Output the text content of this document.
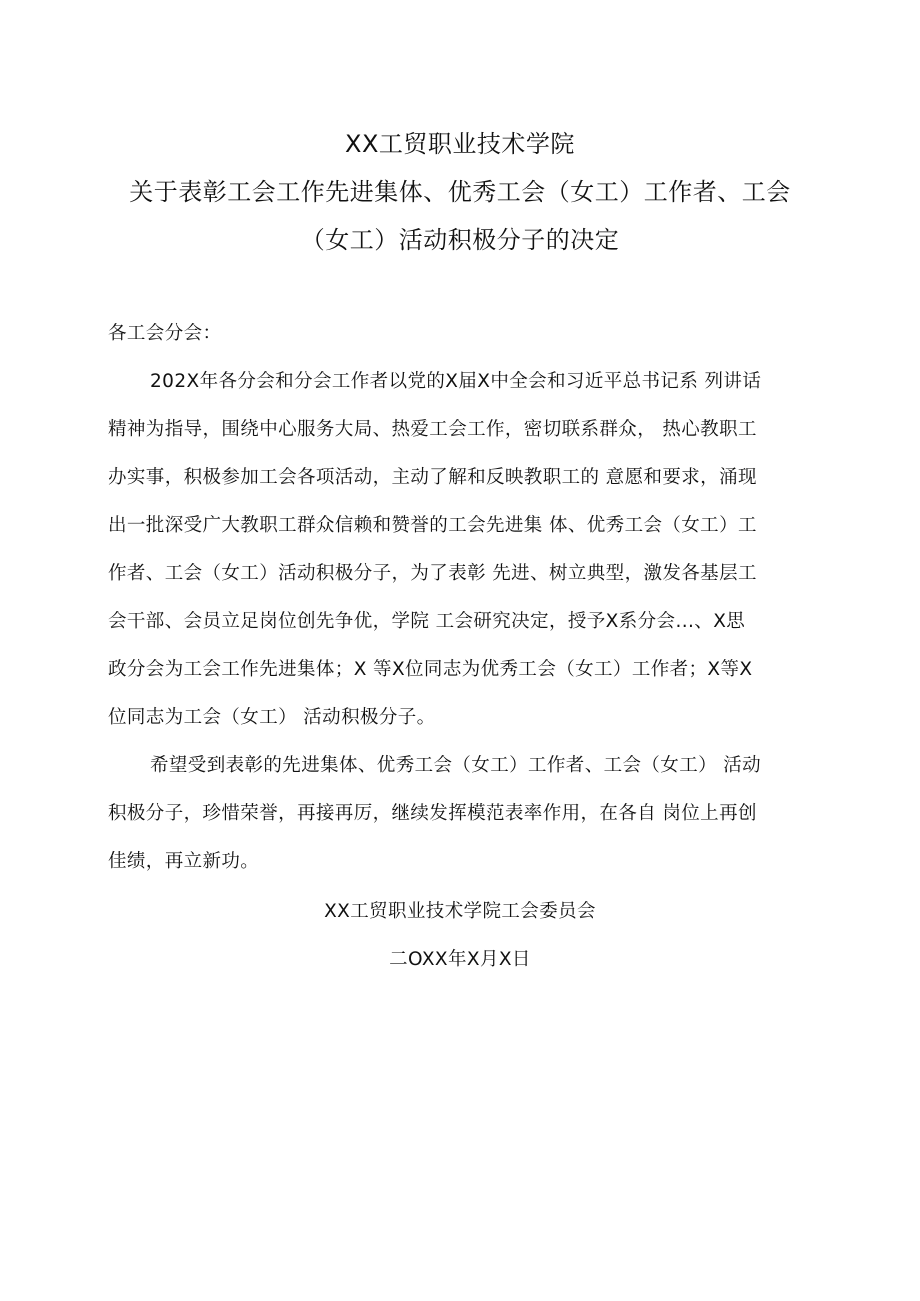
XX工贸职业技术学院
关于表彰工会工作先进集体、优秀工会（女工）工作者、工会
（女工）活动积极分子的决定
各工会分会：
202X年各分会和分会工作者以党的X届X中全会和习近平总书记系 列讲话
精神为指导，围绕中心服务大局、热爱工会工作，密切联系群众， 热心教职工
办实事，积极参加工会各项活动，主动了解和反映教职工的 意愿和要求，涌现
出一批深受广大教职工群众信赖和赞誉的工会先进集 体、优秀工会（女工）工
作者、工会（女工）活动积极分子，为了表彰 先进、树立典型，激发各基层工
会干部、会员立足岗位创先争优，学院 工会研究决定，授予X系分会...、X思
政分会为工会工作先进集体；X 等X位同志为优秀工会（女工）工作者；X等X
位同志为工会（女工） 活动积极分子。
希望受到表彰的先进集体、优秀工会（女工）工作者、工会（女工） 活动
积极分子，珍惜荣誉，再接再厉，继续发挥模范表率作用，在各自 岗位上再创
佳绩，再立新功。
XX工贸职业技术学院工会委员会
二OXX年X月X日
